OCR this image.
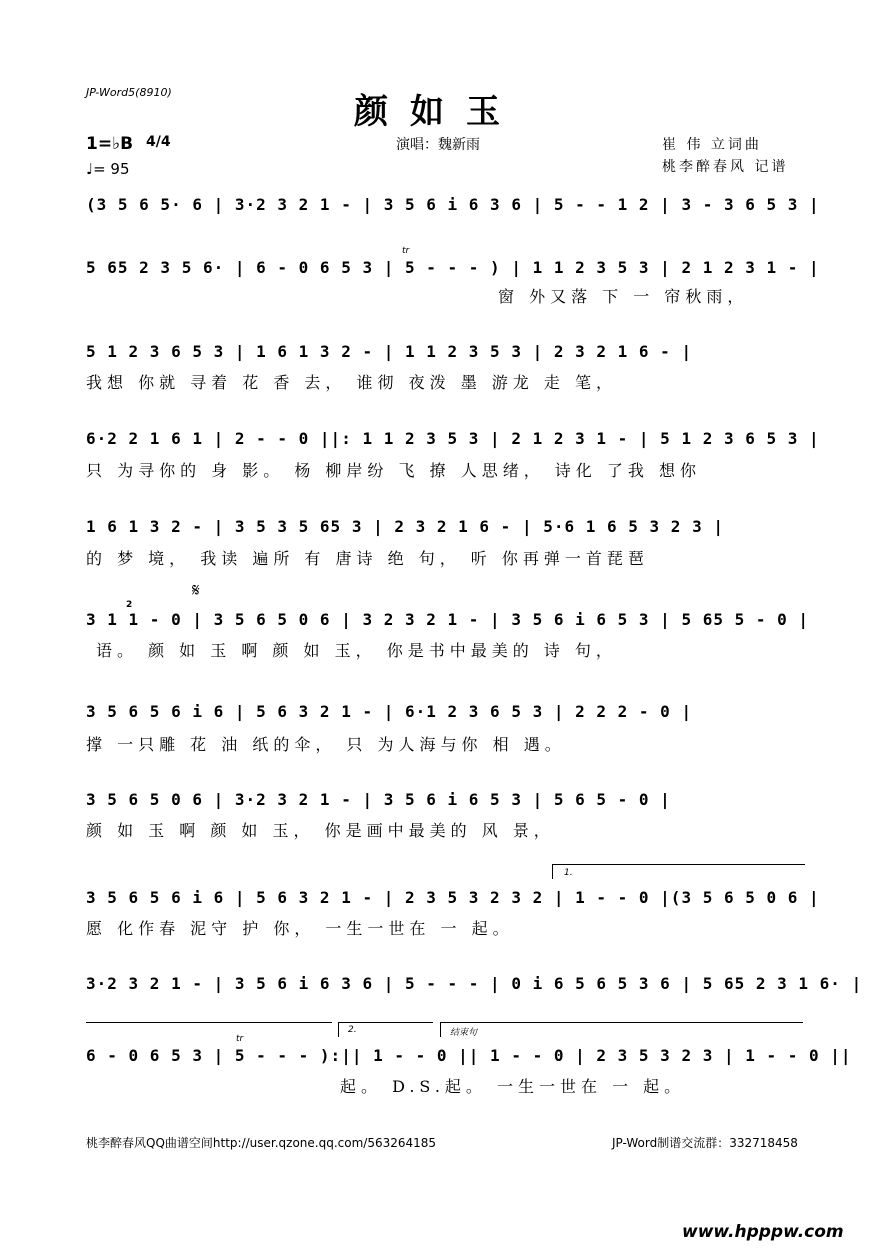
JP-Word5(8910)	颜如玉
1=♭B 4/4
♩= 95
演唱：魏新雨	崔 伟 立词曲
桃李醉春风 记谱
(3 5 6 5· 6 | 3·2 3 2 1 - | 3 5 6 i 6 3 6 | 5 - - 1 2 | 3 - 3 6 5 3 |
tr
5 65 2 3 5 6· | 6 - 0 6 5 3 | 5 - - - ) | 1 1 2 3 5 3 | 2 1 2 3 1 - |
窗 外又落 下 一 帘秋雨，
5 1 2 3 6 5 3 | 1 6 1 3 2 - | 1 1 2 3 5 3 | 2 3 2 1 6 - |
我想 你就 寻着 花 香 去， 谁彻 夜泼 墨 游龙 走 笔，
6·2 2 1 6 1 | 2 - - 0 ||: 1 1 2 3 5 3 | 2 1 2 3 1 - | 5 1 2 3 6 5 3 |
只 为寻你的 身 影。 杨 柳岸纷 飞 撩 人思绪， 诗化 了我 想你
1 6 1 3 2 - | 3 5 3 5 65 3 | 2 3 2 1 6 - | 5·6 1 6 5 3 2 3 |
的 梦 境， 我读 遍所 有 唐诗 绝 句， 听 你再弹一首琵琶
𝄋
2
3 1 1 - 0 | 3 5 6 5 0 6 | 3 2 3 2 1 - | 3 5 6 i 6 5 3 | 5 65 5 - 0 |
语。 颜 如 玉 啊 颜 如 玉， 你是书中最美的 诗 句，
3 5 6 5 6 i 6 | 5 6 3 2 1 - | 6·1 2 3 6 5 3 | 2 2 2 - 0 |
撑 一只雕 花 油 纸的伞， 只 为人海与你 相 遇。
3 5 6 5 0 6 | 3·2 3 2 1 - | 3 5 6 i 6 5 3 | 5 6 5 - 0 |
颜 如 玉 啊 颜 如 玉， 你是画中最美的 风 景，
1.
3 5 6 5 6 i 6 | 5 6 3 2 1 - | 2 3 5 3 2 3 2 | 1 - - 0 |(3 5 6 5 0 6 |
愿 化作春 泥守 护 你， 一生一世在 一 起。
3·2 3 2 1 - | 3 5 6 i 6 3 6 | 5 - - - | 0 i 6 5 6 5 3 6 | 5 65 2 3 1 6· |
2.	结束句
tr
6 - 0 6 5 3 | 5 - - - ):|| 1 - - 0 || 1 - - 0 | 2 3 5 3 2 3 | 1 - - 0 ||
起。 D.S.起。 一生一世在 一 起。
桃李醉春风QQ曲谱空间http://user.qzone.qq.com/563264185	JP-Word制谱交流群：332718458
www.hpppw.com
